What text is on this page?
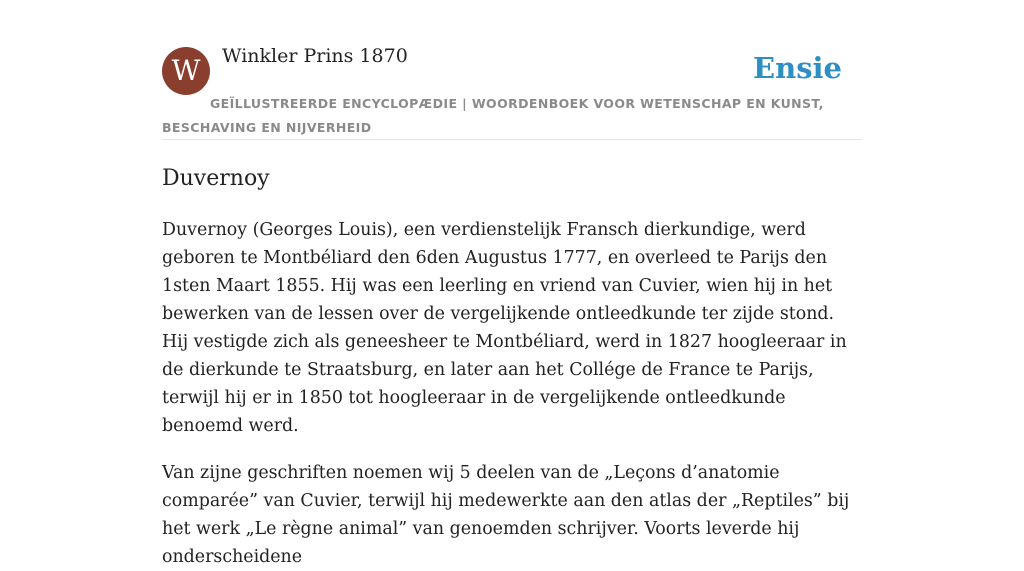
W	Winkler Prins 1870	Ensie
GEÏLLUSTREERDE ENCYCLOPÆDIE | WOORDENBOEK VOOR WETENSCHAP EN KUNST, BESCHAVING EN NIJVERHEID
Duvernoy

Duvernoy (Georges Louis), een verdienstelijk Fransch dierkundige, werd geboren te Montbéliard den 6den Augustus 1777, en overleed te Parijs den 1sten Maart 1855. Hij was een leerling en vriend van Cuvier, wien hij in het bewerken van de lessen over de vergelijkende ontleedkunde ter zijde stond. Hij vestigde zich als geneesheer te Montbéliard, werd in 1827 hoogleeraar in de dierkunde te Straatsburg, en later aan het Collége de France te Parijs, terwijl hij er in 1850 tot hoogleeraar in de vergelijkende ontleedkunde benoemd werd.

Van zijne geschriften noemen wij 5 deelen van de „Leçons d’anatomie comparée” van Cuvier, terwijl hij medewerkte aan den atlas der „Reptiles” bij het werk „Le règne animal” van genoemden schrijver. Voorts leverde hij onderscheidene
